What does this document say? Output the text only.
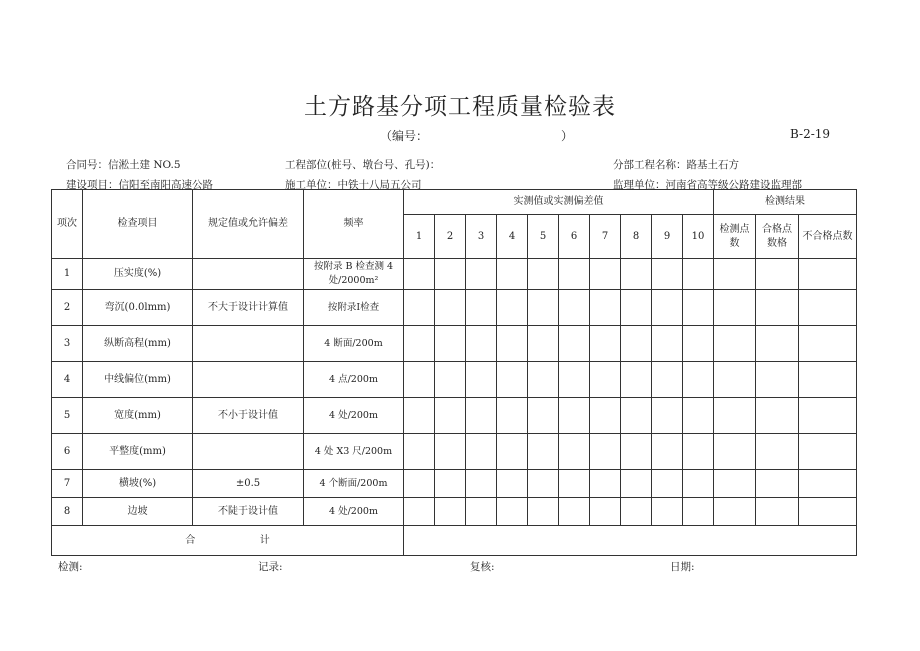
土方路基分项工程质量检验表
（编号：	）	B-2-19
合同号：信淞土建 NO.5	工程部位(桩号、墩台号、孔号)：	分部工程名称：路基土石方
建设项目：信阳至南阳高速公路	施工单位：中铁十八局五公司	监理单位：河南省高等级公路建设监理部
项次	检查项目	规定值或允许偏差	频率	实测值或实测偏差值										检测结果		
				1	2	3	4	5	6	7	8	9	10	检测点数	合格点数格	不合格点数
1	压实度(%)		按附录 B 检查测 4 处/2000m²													
2	弯沉(0.0lmm)	不大于设计计算值	按附录Ⅰ检查													
3	纵断高程(mm)		4 断面/200m													
4	中线偏位(mm)		4 点/200m													
5	宽度(mm)	不小于设计值	4 处/200m													
6	平整度(mm)		4 处 X3 尺/200m													
7	横坡(%)	±0.5	4 个断面/200m													
8	边坡	不陡于设计值	4 处/200m													
合 计																
检测:	记录:	复核:	日期:
